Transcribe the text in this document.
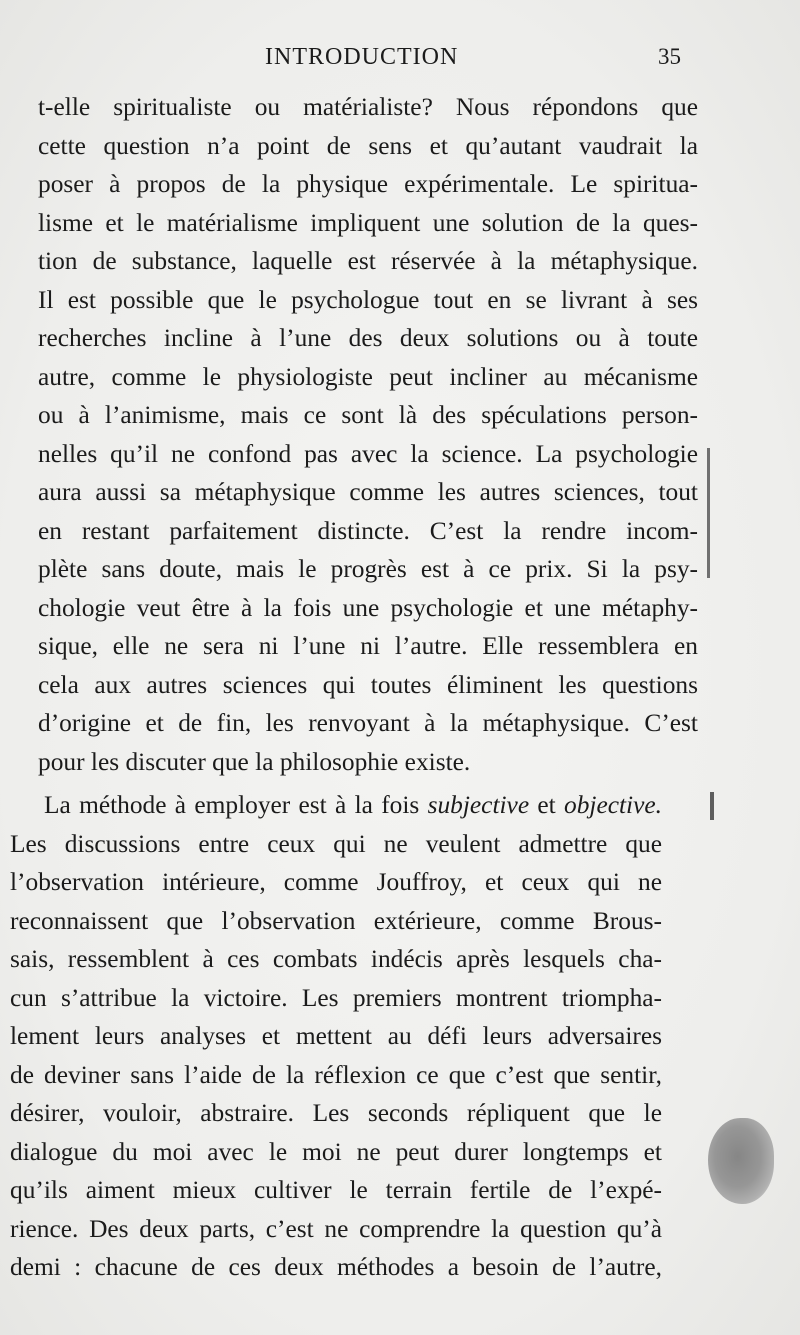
INTRODUCTION	35
t-elle spiritualiste ou matérialiste? Nous répondons que
cette question n’a point de sens et qu’autant vaudrait la
poser à propos de la physique expérimentale. Le spiritua-
lisme et le matérialisme impliquent une solution de la ques-
tion de substance, laquelle est réservée à la métaphysique.
Il est possible que le psychologue tout en se livrant à ses
recherches incline à l’une des deux solutions ou à toute
autre, comme le physiologiste peut incliner au mécanisme
ou à l’animisme, mais ce sont là des spéculations person-
nelles qu’il ne confond pas avec la science. La psychologie
aura aussi sa métaphysique comme les autres sciences, tout
en restant parfaitement distincte. C’est la rendre incom-
plète sans doute, mais le progrès est à ce prix. Si la psy-
chologie veut être à la fois une psychologie et une métaphy-
sique, elle ne sera ni l’une ni l’autre. Elle ressemblera en
cela aux autres sciences qui toutes éliminent les questions
d’origine et de fin, les renvoyant à la métaphysique. C’est
pour les discuter que la philosophie existe.
La méthode à employer est à la fois subjective et objective.
Les discussions entre ceux qui ne veulent admettre que
l’observation intérieure, comme Jouffroy, et ceux qui ne
reconnaissent que l’observation extérieure, comme Brous-
sais, ressemblent à ces combats indécis après lesquels cha-
cun s’attribue la victoire. Les premiers montrent triompha-
lement leurs analyses et mettent au défi leurs adversaires
de deviner sans l’aide de la réflexion ce que c’est que sentir,
désirer, vouloir, abstraire. Les seconds répliquent que le
dialogue du moi avec le moi ne peut durer longtemps et
qu’ils aiment mieux cultiver le terrain fertile de l’expé-
rience. Des deux parts, c’est ne comprendre la question qu’à
demi : chacune de ces deux méthodes a besoin de l’autre,
